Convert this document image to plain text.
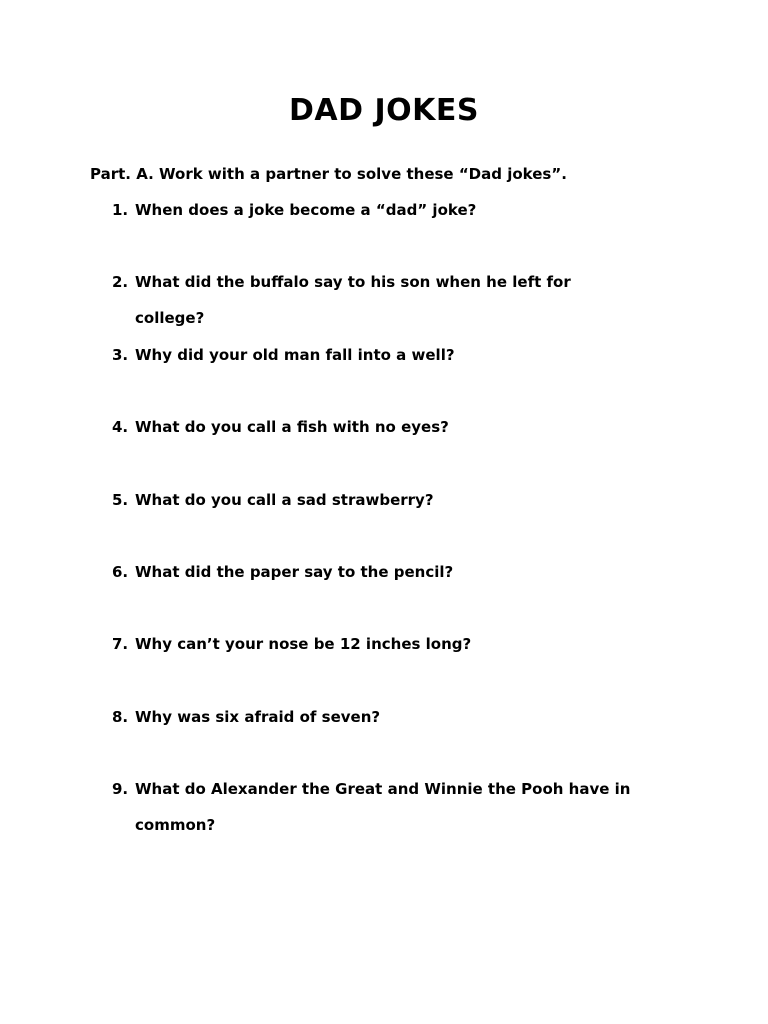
DAD JOKES

Part. A. Work with a partner to solve these “Dad jokes”.

1. When does a joke become a “dad” joke?
2. What did the buffalo say to his son when he left for college?
3. Why did your old man fall into a well?
4. What do you call a fish with no eyes?
5. What do you call a sad strawberry?
6. What did the paper say to the pencil?
7. Why can’t your nose be 12 inches long?
8. Why was six afraid of seven?
9. What do Alexander the Great and Winnie the Pooh have in common?
